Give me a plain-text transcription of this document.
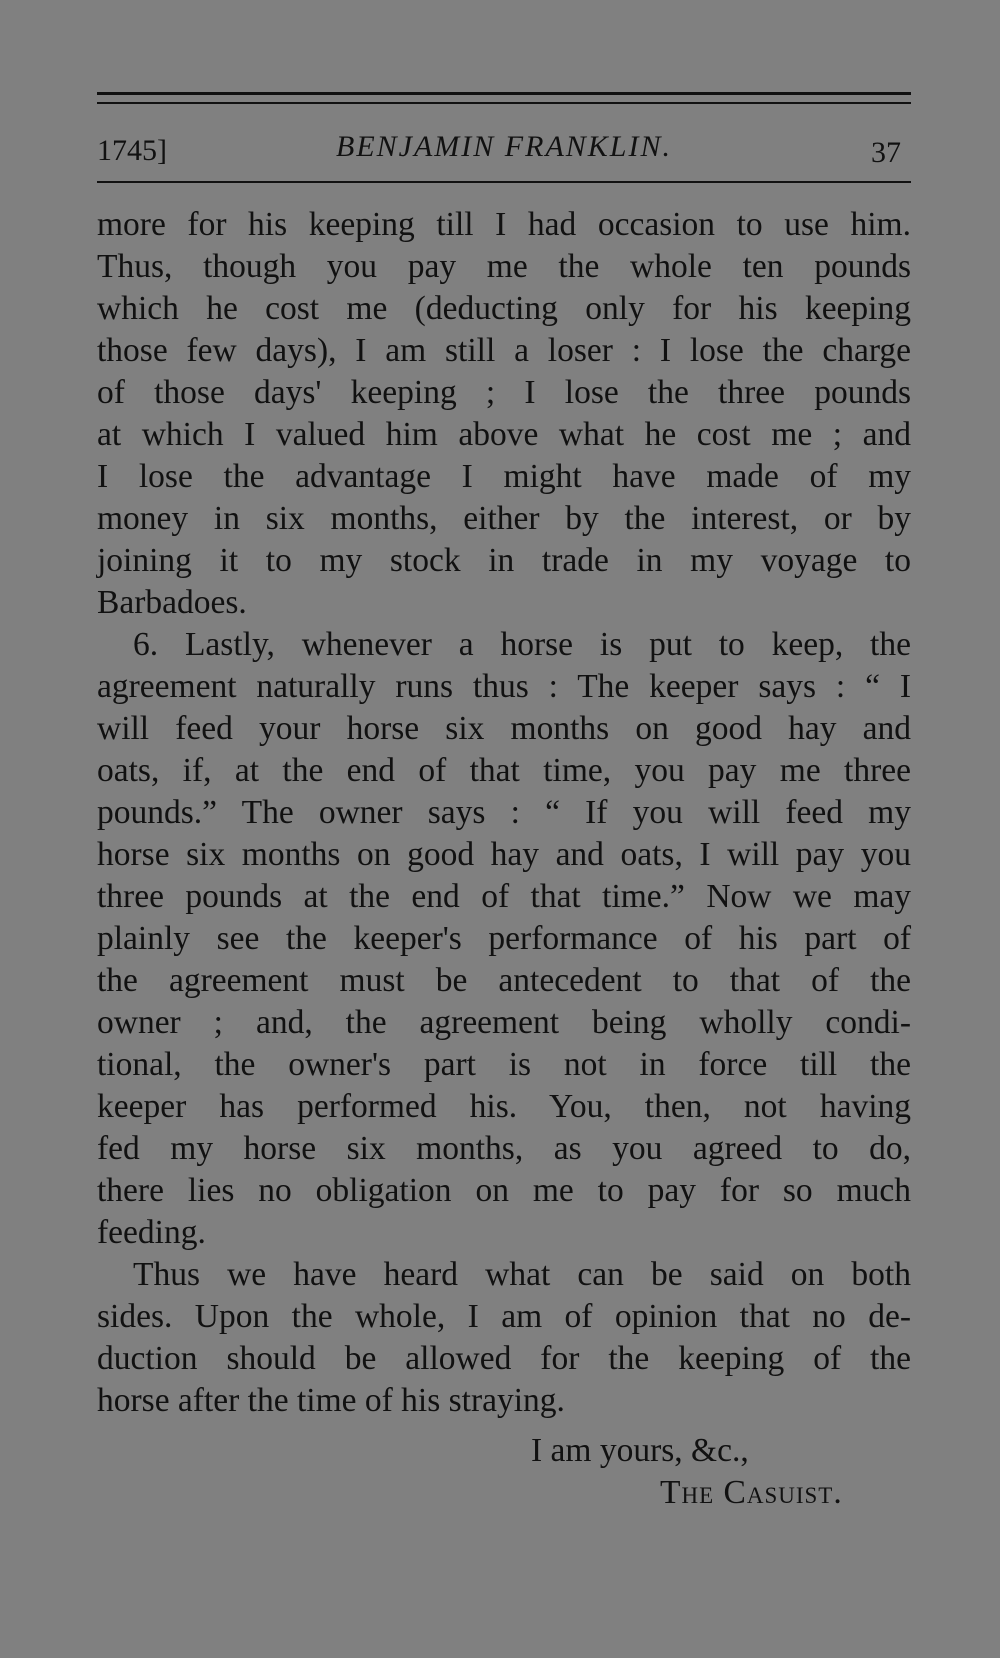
1745]	BENJAMIN FRANKLIN.	37

more for his keeping till I had occasion to use him.

Thus, though you pay me the whole ten pounds

which he cost me (deducting only for his keeping

those few days), I am still a loser : I lose the charge

of those days' keeping ; I lose the three pounds

at which I valued him above what he cost me ; and

I lose the advantage I might have made of my

money in six months, either by the interest, or by

joining it to my stock in trade in my voyage to

Barbadoes.

6. Lastly, whenever a horse is put to keep, the

agreement naturally runs thus : The keeper says : “ I

will feed your horse six months on good hay and

oats, if, at the end of that time, you pay me three

pounds.” The owner says : “ If you will feed my

horse six months on good hay and oats, I will pay you

three pounds at the end of that time.” Now we may

plainly see the keeper's performance of his part of

the agreement must be antecedent to that of the

owner ; and, the agreement being wholly condi-

tional, the owner's part is not in force till the

keeper has performed his. You, then, not having

fed my horse six months, as you agreed to do,

there lies no obligation on me to pay for so much

feeding.

Thus we have heard what can be said on both

sides. Upon the whole, I am of opinion that no de-

duction should be allowed for the keeping of the

horse after the time of his straying.

I am yours, &c.,
The Casuist.
